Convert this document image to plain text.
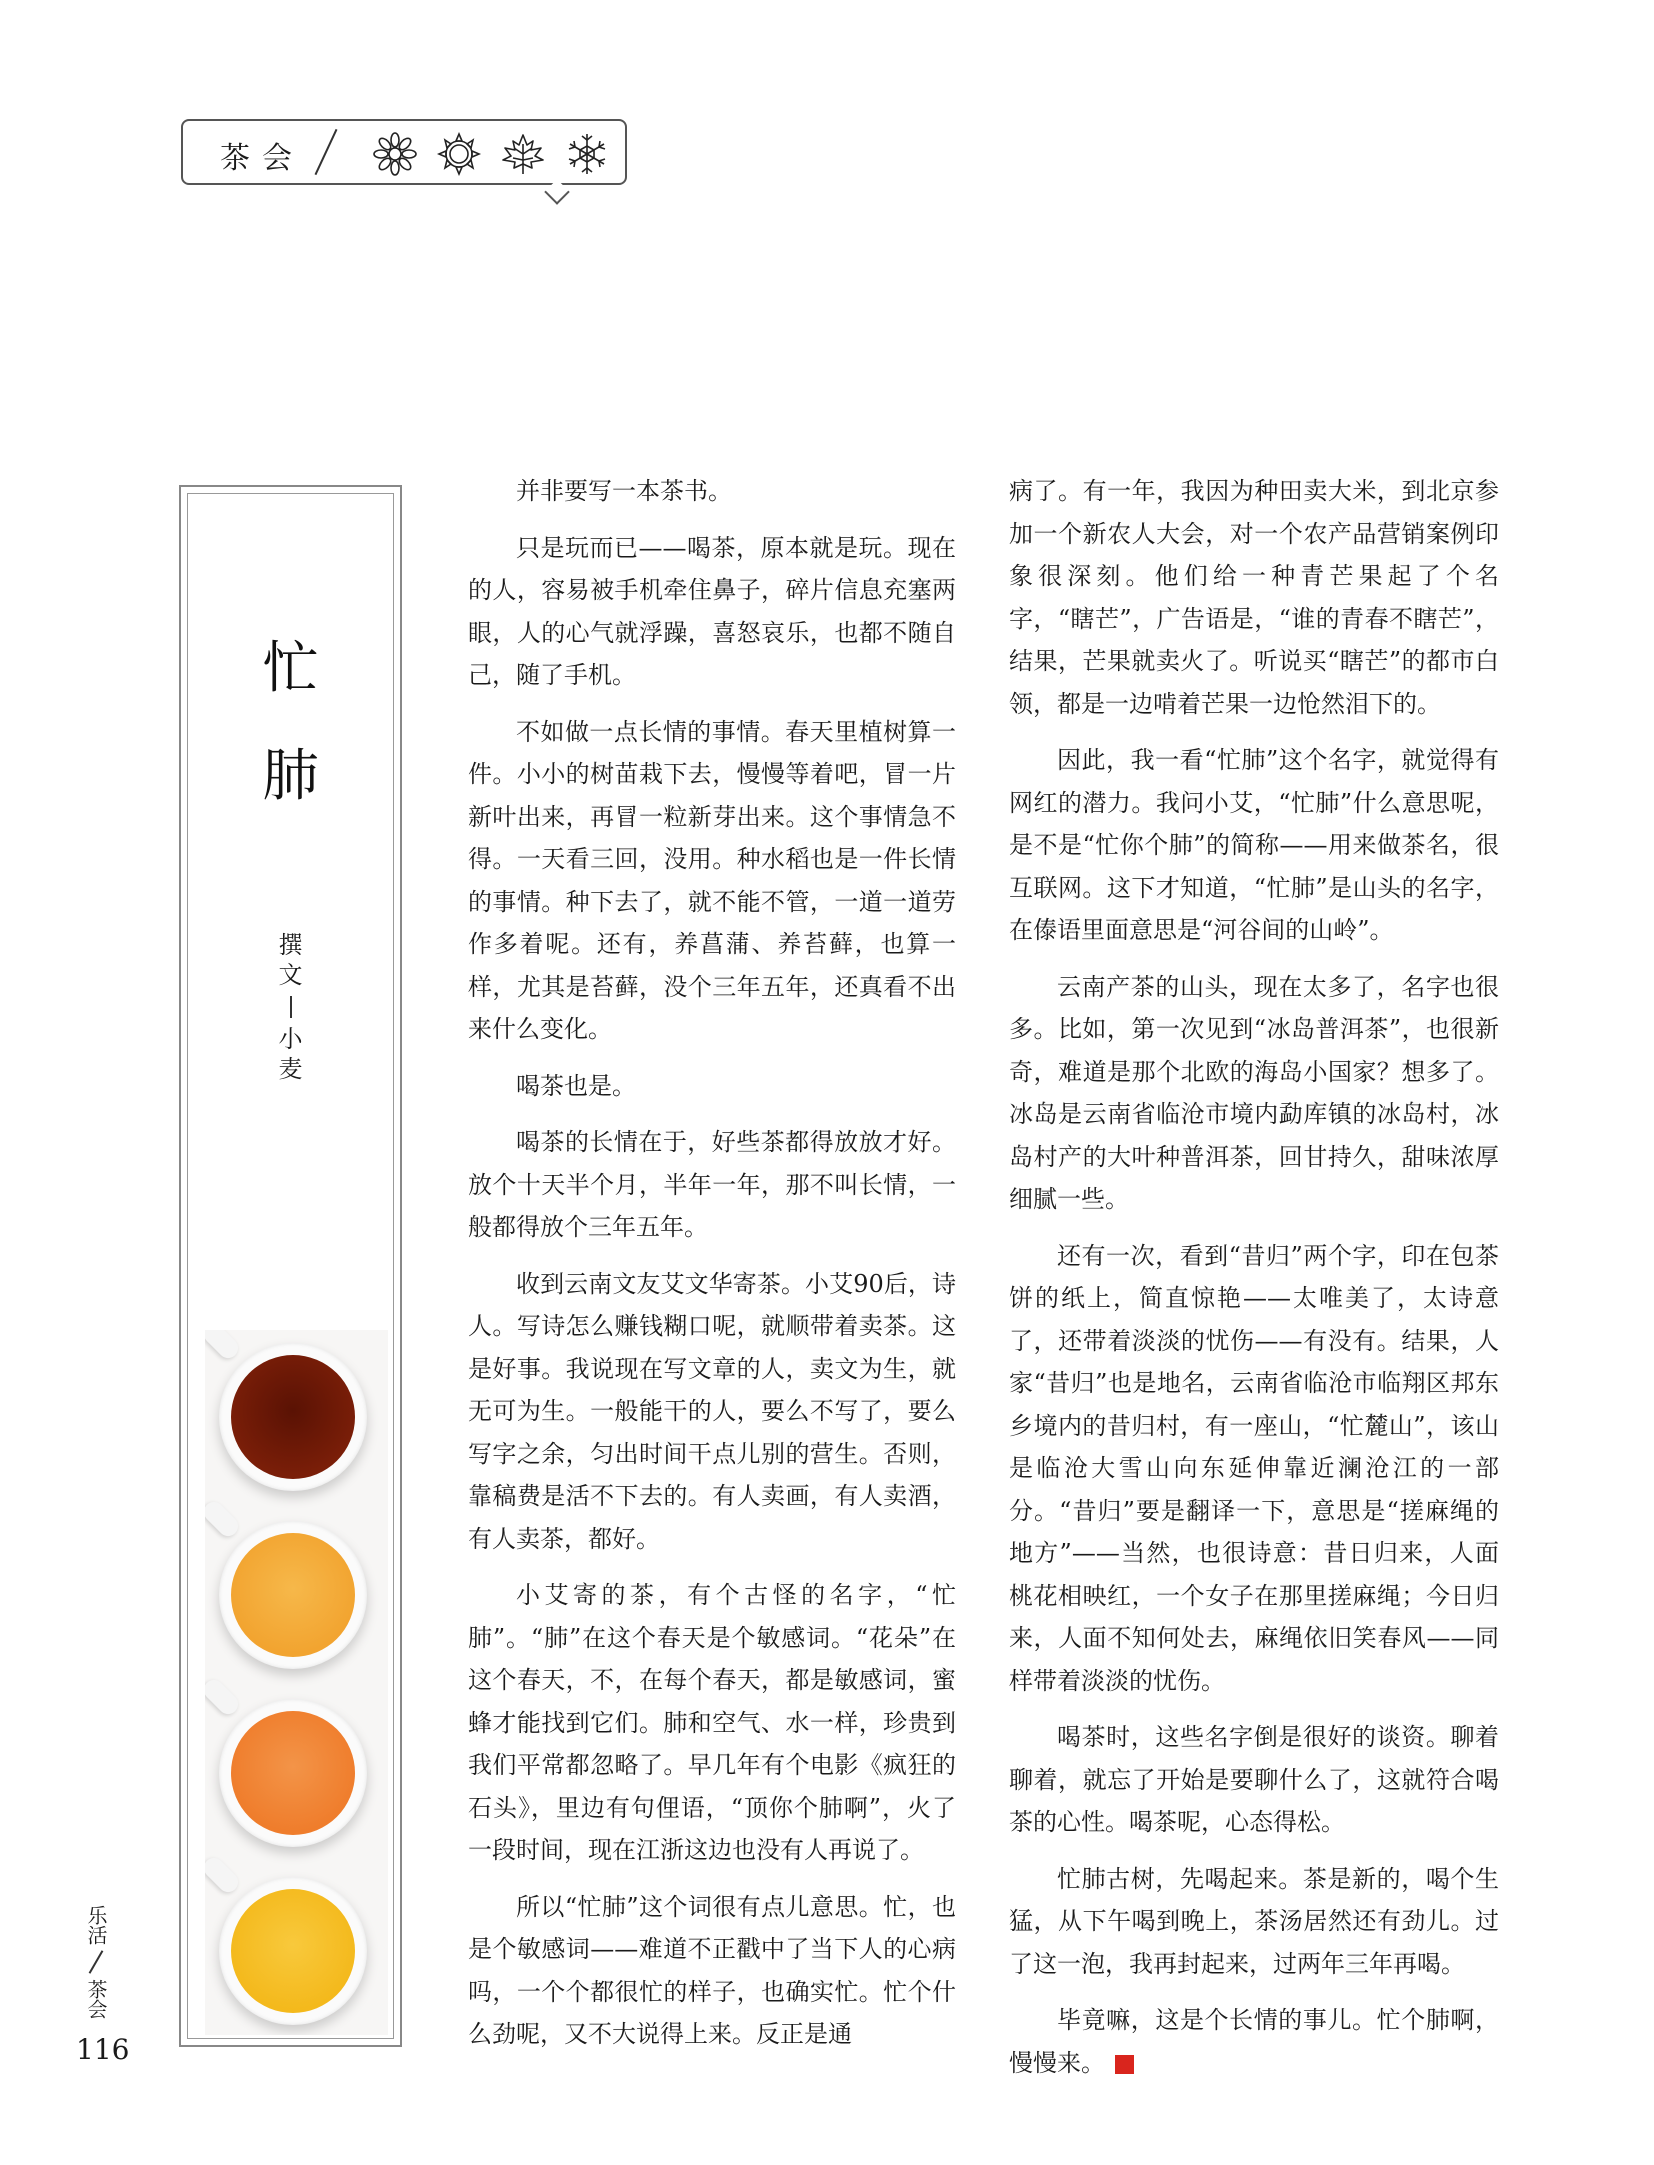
茶会
忙
肺
撰
文
小
麦

并非要写一本茶书。

只是玩而已——喝茶，原本就是玩。现在的人，容易被手机牵住鼻子，碎片信息充塞两眼，人的心气就浮躁，喜怒哀乐，也都不随自己，随了手机。

不如做一点长情的事情。春天里植树算一件。小小的树苗栽下去，慢慢等着吧，冒一片新叶出来，再冒一粒新芽出来。这个事情急不得。一天看三回，没用。种水稻也是一件长情的事情。种下去了，就不能不管，一道一道劳作多着呢。还有，养菖蒲、养苔藓，也算一样，尤其是苔藓，没个三年五年，还真看不出来什么变化。

喝茶也是。

喝茶的长情在于，好些茶都得放放才好。放个十天半个月，半年一年，那不叫长情，一般都得放个三年五年。

收到云南文友艾文华寄茶。小艾90后，诗人。写诗怎么赚钱糊口呢，就顺带着卖茶。这是好事。我说现在写文章的人，卖文为生，就无可为生。一般能干的人，要么不写了，要么写字之余，匀出时间干点儿别的营生。否则，靠稿费是活不下去的。有人卖画，有人卖酒，有人卖茶，都好。

小艾寄的茶，有个古怪的名字，“忙肺”。“肺”在这个春天是个敏感词。“花朵”在这个春天，不，在每个春天，都是敏感词，蜜蜂才能找到它们。肺和空气、水一样，珍贵到我们平常都忽略了。早几年有个电影《疯狂的石头》，里边有句俚语，“顶你个肺啊”，火了一段时间，现在江浙这边也没有人再说了。

所以“忙肺”这个词很有点儿意思。忙，也是个敏感词——难道不正戳中了当下人的心病吗，一个个都很忙的样子，也确实忙。忙个什么劲呢，又不大说得上来。反正是通

病了。有一年，我因为种田卖大米，到北京参加一个新农人大会，对一个农产品营销案例印象很深刻。他们给一种青芒果起了个名字，“瞎芒”，广告语是，“谁的青春不瞎芒”，结果，芒果就卖火了。听说买“瞎芒”的都市白领，都是一边啃着芒果一边怆然泪下的。

因此，我一看“忙肺”这个名字，就觉得有网红的潜力。我问小艾，“忙肺”什么意思呢，是不是“忙你个肺”的简称——用来做茶名，很互联网。这下才知道，“忙肺”是山头的名字，在傣语里面意思是“河谷间的山岭”。

云南产茶的山头，现在太多了，名字也很多。比如，第一次见到“冰岛普洱茶”，也很新奇，难道是那个北欧的海岛小国家？想多了。冰岛是云南省临沧市境内勐库镇的冰岛村，冰岛村产的大叶种普洱茶，回甘持久，甜味浓厚细腻一些。

还有一次，看到“昔归”两个字，印在包茶饼的纸上，简直惊艳——太唯美了，太诗意了，还带着淡淡的忧伤——有没有。结果，人家“昔归”也是地名，云南省临沧市临翔区邦东乡境内的昔归村，有一座山，“忙麓山”，该山是临沧大雪山向东延伸靠近澜沧江的一部分。“昔归”要是翻译一下，意思是“搓麻绳的地方”——当然，也很诗意：昔日归来，人面桃花相映红，一个女子在那里搓麻绳；今日归来，人面不知何处去，麻绳依旧笑春风——同样带着淡淡的忧伤。

喝茶时，这些名字倒是很好的谈资。聊着聊着，就忘了开始是要聊什么了，这就符合喝茶的心性。喝茶呢，心态得松。

忙肺古树，先喝起来。茶是新的，喝个生猛，从下午喝到晚上，茶汤居然还有劲儿。过了这一泡，我再封起来，过两年三年再喝。

毕竟嘛，这是个长情的事儿。忙个肺啊，慢慢来。

乐活
茶会
116
